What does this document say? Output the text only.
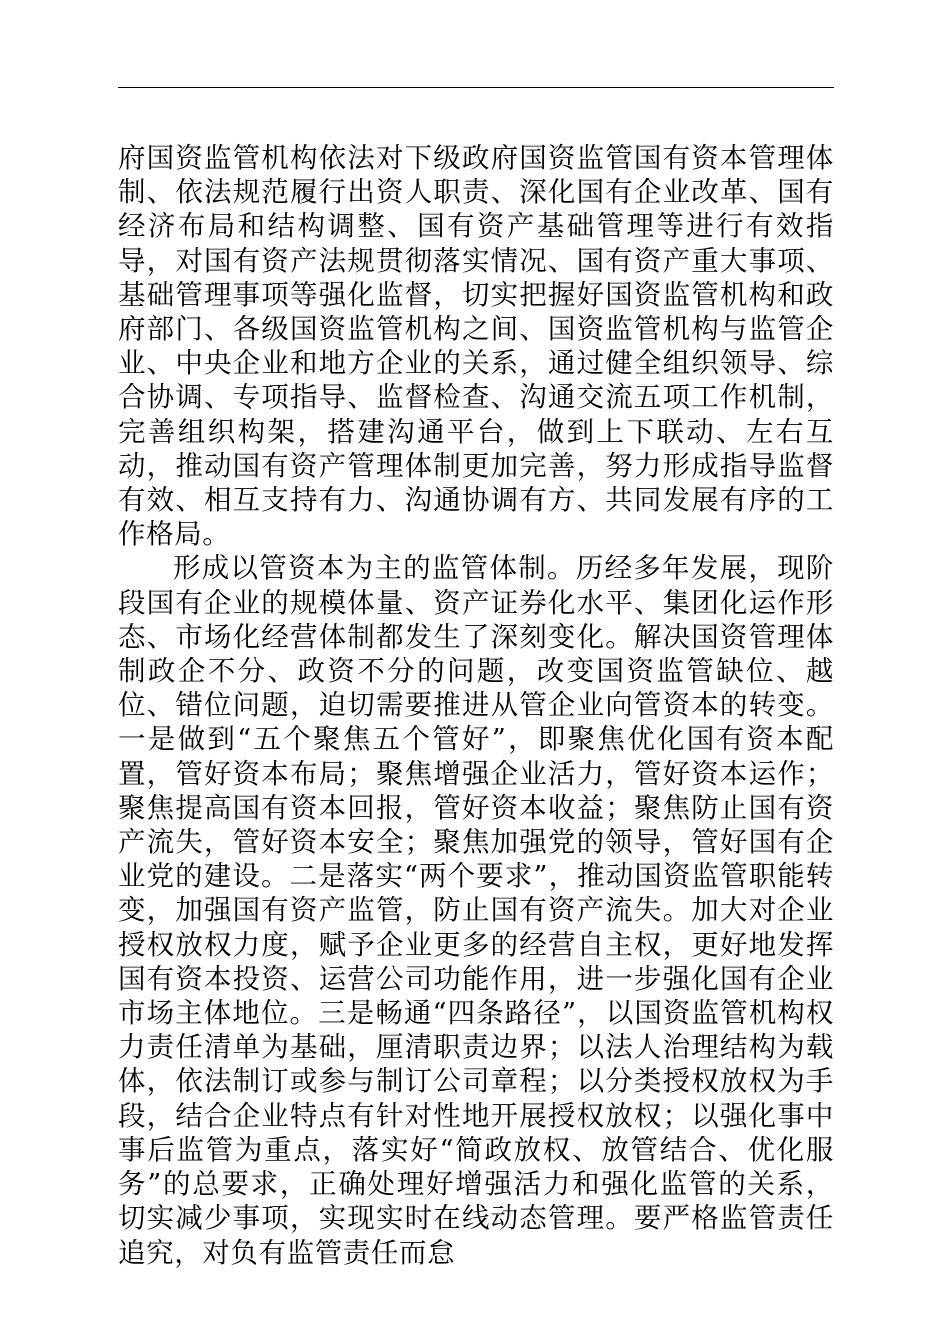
府国资监管机构依法对下级政府国资监管国有资本管理体制、依法规范履行出资人职责、深化国有企业改革、国有经济布局和结构调整、国有资产基础管理等进行有效指导，对国有资产法规贯彻落实情况、国有资产重大事项、基础管理事项等强化监督，切实把握好国资监管机构和政府部门、各级国资监管机构之间、国资监管机构与监管企业、中央企业和地方企业的关系，通过健全组织领导、综合协调、专项指导、监督检查、沟通交流五项工作机制，完善组织构架，搭建沟通平台，做到上下联动、左右互动，推动国有资产管理体制更加完善，努力形成指导监督有效、相互支持有力、沟通协调有方、共同发展有序的工作格局。

形成以管资本为主的监管体制。历经多年发展，现阶段国有企业的规模体量、资产证券化水平、集团化运作形态、市场化经营体制都发生了深刻变化。解决国资管理体制政企不分、政资不分的问题，改变国资监管缺位、越位、错位问题，迫切需要推进从管企业向管资本的转变。一是做到“五个聚焦五个管好”，即聚焦优化国有资本配置，管好资本布局；聚焦增强企业活力，管好资本运作；聚焦提高国有资本回报，管好资本收益；聚焦防止国有资产流失，管好资本安全；聚焦加强党的领导，管好国有企业党的建设。二是落实“两个要求”，推动国资监管职能转变，加强国有资产监管，防止国有资产流失。加大对企业授权放权力度，赋予企业更多的经营自主权，更好地发挥国有资本投资、运营公司功能作用，进一步强化国有企业市场主体地位。三是畅通“四条路径”，以国资监管机构权力责任清单为基础，厘清职责边界；以法人治理结构为载体，依法制订或参与制订公司章程；以分类授权放权为手段，结合企业特点有针对性地开展授权放权；以强化事中事后监管为重点，落实好“简政放权、放管结合、优化服务”的总要求，正确处理好增强活力和强化监管的关系，切实减少事项，实现实时在线动态管理。要严格监管责任追究，对负有监管责任而怠
